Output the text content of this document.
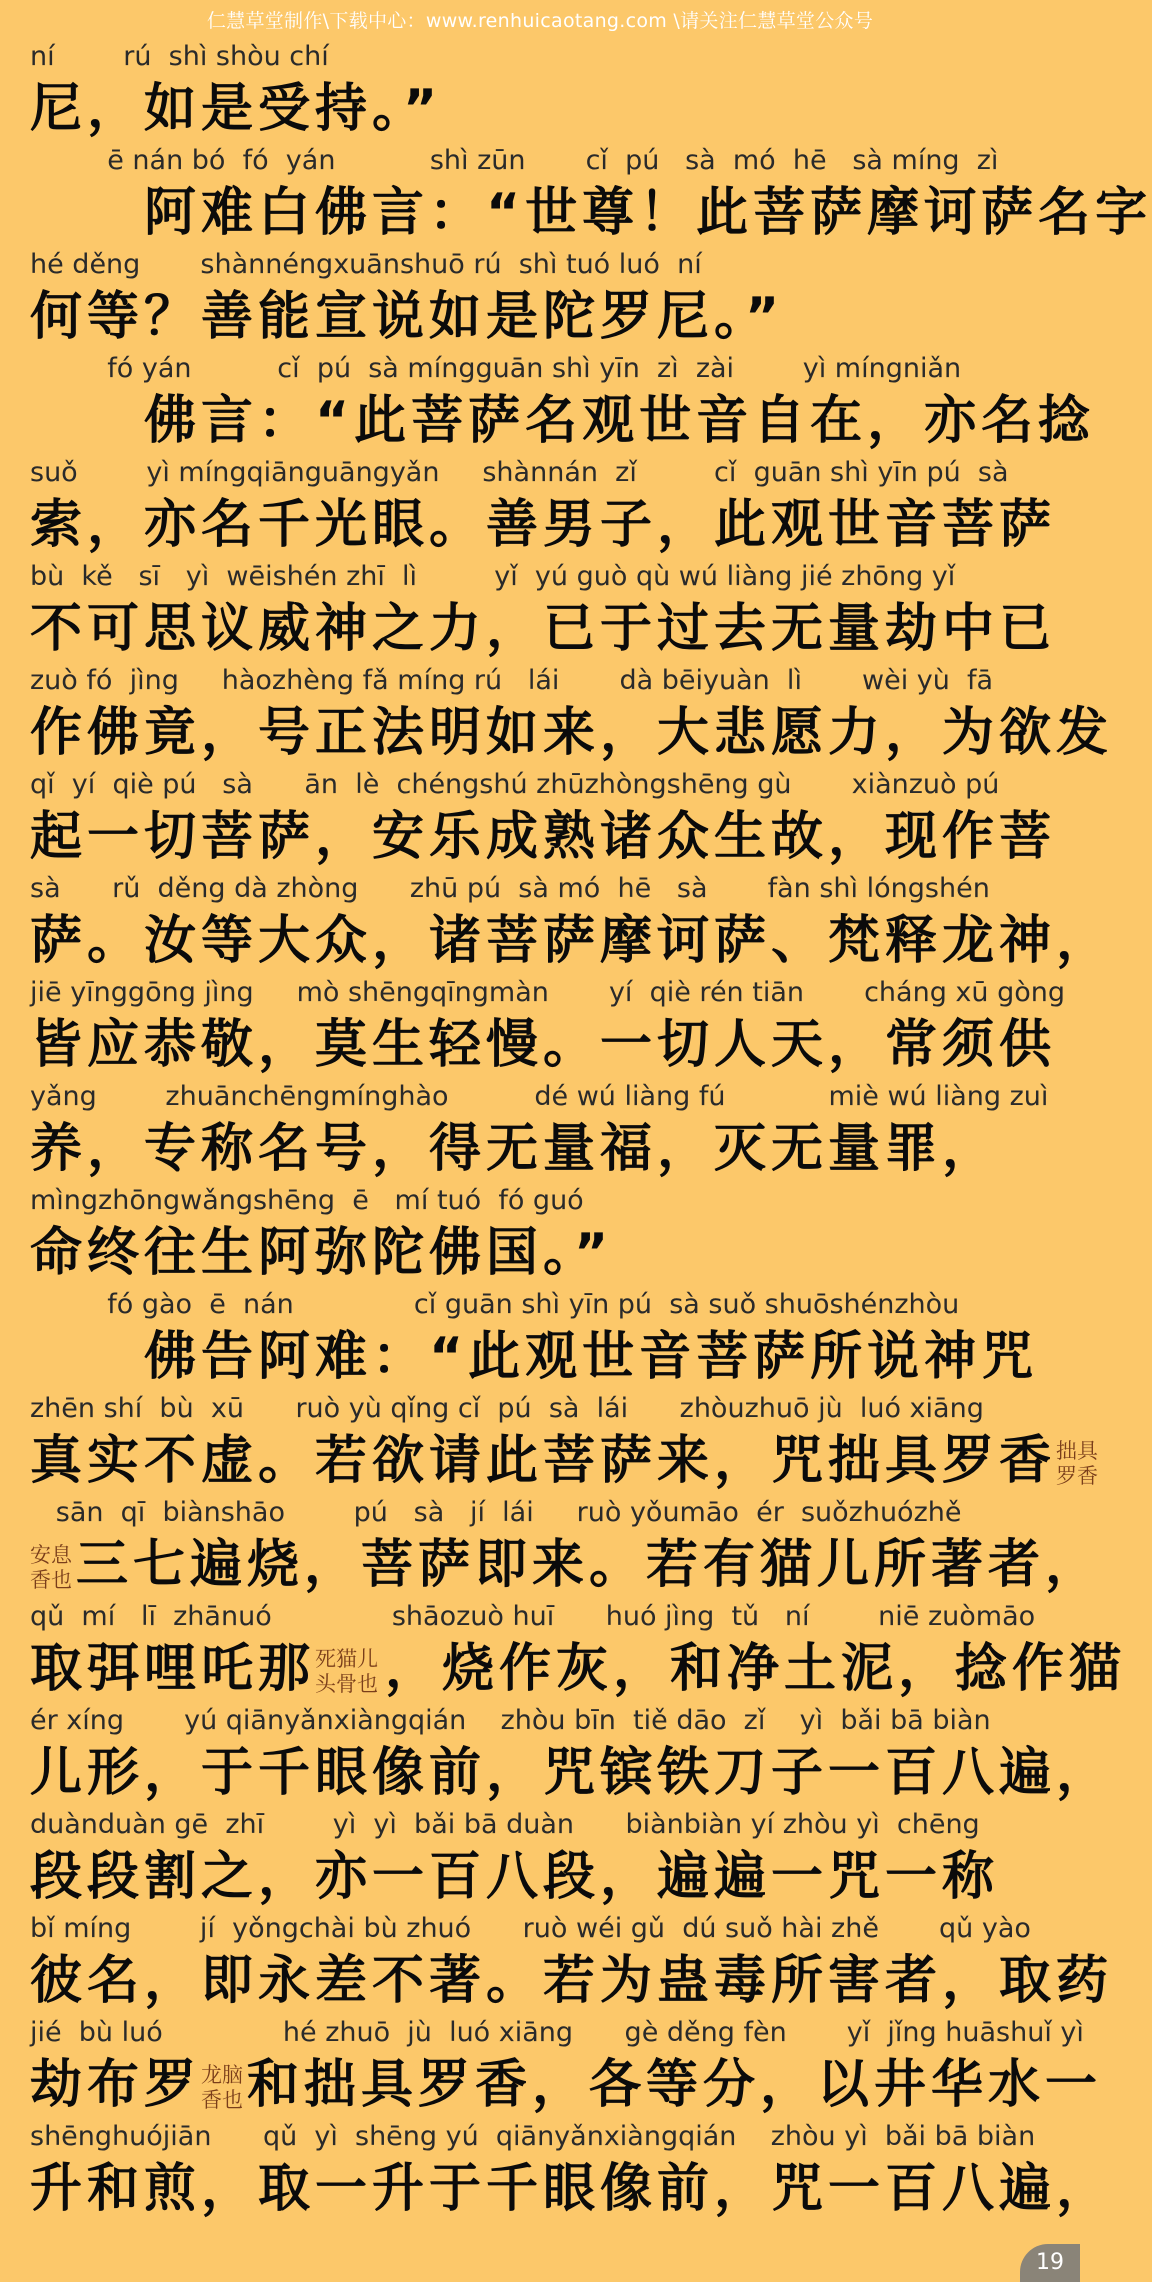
仁慧草堂制作\下载中心：www.renhuicaotang.com \请关注仁慧草堂公众号
ní        rú  shì shòu chí
尼，如是受持。”
ē nán bó  fó  yán           shì zūn       cǐ  pú   sà  mó  hē   sà míng  zì
　　阿难白佛言：“世尊！此菩萨摩诃萨名字
hé děng       shànnéngxuānshuō rú  shì tuó luó  ní
何等？善能宣说如是陀罗尼。”
fó yán          cǐ  pú  sà míngguān shì yīn  zì  zài        yì míngniǎn
　　佛言：“此菩萨名观世音自在，亦名捻
suǒ        yì míngqiānguāngyǎn     shànnán  zǐ         cǐ  guān shì yīn pú  sà
索，亦名千光眼。善男子，此观世音菩萨
bù  kě   sī   yì  wēishén zhī  lì         yǐ  yú guò qù wú liàng jié zhōng yǐ
不可思议威神之力，已于过去无量劫中已
zuò fó  jìng     hàozhèng fǎ míng rú   lái       dà bēiyuàn  lì       wèi yù  fā
作佛竟，号正法明如来，大悲愿力，为欲发
qǐ  yí  qiè pú   sà      ān  lè  chéngshú zhūzhòngshēng gù       xiànzuò pú
起一切菩萨，安乐成熟诸众生故，现作菩
sà      rǔ  děng dà zhòng      zhū pú  sà mó  hē   sà       fàn shì lóngshén
萨。汝等大众，诸菩萨摩诃萨、梵释龙神，
jiē yīnggōng jìng     mò shēngqīngmàn       yí  qiè rén tiān       cháng xū gòng
皆应恭敬，莫生轻慢。一切人天，常须供
yǎng        zhuānchēngmínghào          dé wú liàng fú            miè wú liàng zuì
养，专称名号，得无量福，灭无量罪，
mìngzhōngwǎngshēng  ē   mí tuó  fó guó
命终往生阿弥陀佛国。”
fó gào  ē  nán              cǐ guān shì yīn pú  sà suǒ shuōshénzhòu
　　佛告阿难：“此观世音菩萨所说神咒
zhēn shí  bù  xū      ruò yù qǐng cǐ  pú  sà  lái      zhòuzhuō jù  luó xiāng
真实不虚。若欲请此菩萨来，咒拙具罗香拙具罗香
sān  qī  biànshāo        pú   sà   jí  lái     ruò yǒumāo  ér  suǒzhuózhě
安息香也三七遍烧，菩萨即来。若有猫儿所著者，
qǔ  mí   lī  zhānuó              shāozuò huī      huó jìng  tǔ   ní        niē zuòmāo
取弭哩吒那死猫儿头骨也 ，烧作灰，和净土泥，捻作猫
ér xíng       yú qiānyǎnxiàngqián    zhòu bīn  tiě dāo  zǐ    yì  bǎi bā biàn
儿形，于千眼像前，咒镔铁刀子一百八遍，
duànduàn gē  zhī        yì  yì  bǎi bā duàn      biànbiàn yí zhòu yì  chēng
段段割之，亦一百八段，遍遍一咒一称
bǐ míng        jí  yǒngchài bù zhuó      ruò wéi gǔ  dú suǒ hài zhě       qǔ yào
彼名，即永差不著。若为蛊毒所害者，取药
jié  bù luó              hé zhuō  jù  luó xiāng      gè děng fèn       yǐ  jǐng huāshuǐ yì
劫布罗龙脑香也和拙具罗香，各等分，以井华水一
shēnghuójiān      qǔ  yì  shēng yú  qiānyǎnxiàngqián    zhòu yì  bǎi bā biàn
升和煎，取一升于千眼像前，咒一百八遍，
19
